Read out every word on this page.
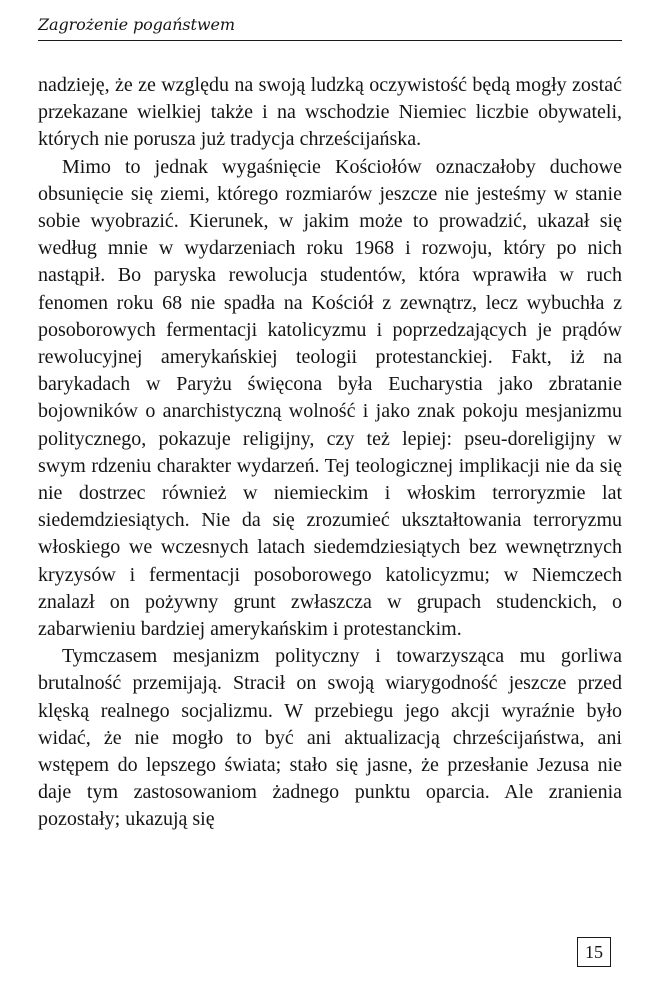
Zagrożenie pogaństwem

nadzieję, że ze względu na swoją ludzką oczywistość będą mogły zostać przekazane wielkiej także i na wschodzie Niemiec liczbie obywateli, których nie porusza już tradycja chrześcijańska.

Mimo to jednak wygaśnięcie Kościołów oznaczałoby duchowe obsunięcie się ziemi, którego rozmiarów jeszcze nie jesteśmy w stanie sobie wyobrazić. Kierunek, w jakim może to prowadzić, ukazał się według mnie w wydarzeniach roku 1968 i rozwoju, który po nich nastąpił. Bo paryska rewolucja studentów, która wprawiła w ruch fenomen roku 68 nie spadła na Kościół z zewnątrz, lecz wybuchła z posoborowych fermentacji katolicyzmu i poprzedzających je prądów rewolucyjnej amerykańskiej teologii protestanckiej. Fakt, iż na barykadach w Paryżu święcona była Eucharystia jako zbratanie bojowników o anarchistyczną wolność i jako znak pokoju mesjanizmu politycznego, pokazuje religijny, czy też lepiej: pseu-doreligijny w swym rdzeniu charakter wydarzeń. Tej teologicznej implikacji nie da się nie dostrzec również w niemieckim i włoskim terroryzmie lat siedemdziesiątych. Nie da się zrozumieć ukształtowania terroryzmu włoskiego we wczesnych latach siedemdziesiątych bez wewnętrznych kryzysów i fermentacji posoborowego katolicyzmu; w Niemczech znalazł on pożywny grunt zwłaszcza w grupach studenckich, o zabarwieniu bardziej amerykańskim i protestanckim.

Tymczasem mesjanizm polityczny i towarzysząca mu gorliwa brutalność przemijają. Stracił on swoją wiarygodność jeszcze przed klęską realnego socjalizmu. W przebiegu jego akcji wyraźnie było widać, że nie mogło to być ani aktualizacją chrześcijaństwa, ani wstępem do lepszego świata; stało się jasne, że przesłanie Jezusa nie daje tym zastosowaniom żadnego punktu oparcia. Ale zranienia pozostały; ukazują się

15
